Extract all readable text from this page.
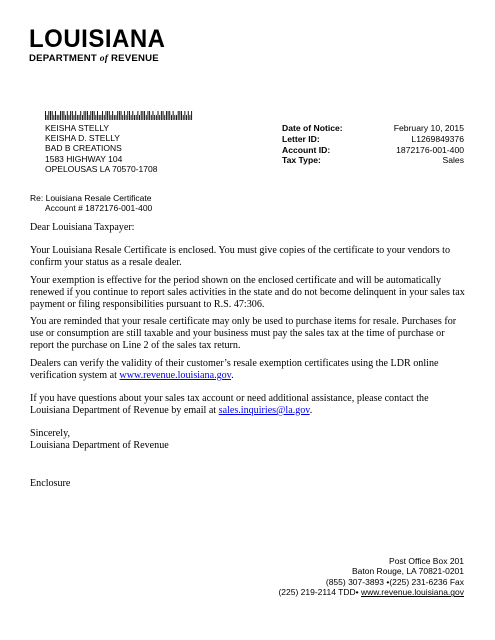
LOUISIANA
DEPARTMENT of REVENUE
KEISHA STELLY
KEISHA D. STELLY
BAD B CREATIONS
1583 HIGHWAY 104
OPELOUSAS LA 70570-1708
Date of Notice:
Letter ID:
Account ID:
Tax Type:
February 10, 2015
L1269849376
1872176-001-400
Sales
Re: Louisiana Resale Certificate
Account # 1872176-001-400

Dear Louisiana Taxpayer:

Your Louisiana Resale Certificate is enclosed. You must give copies of the certificate to your vendors to confirm your status as a resale dealer.

Your exemption is effective for the period shown on the enclosed certificate and will be automatically renewed if you continue to report sales activities in the state and do not become delinquent in your sales tax payment or filing responsibilities pursuant to R.S. 47:306.

You are reminded that your resale certificate may only be used to purchase items for resale. Purchases for use or consumption are still taxable and your business must pay the sales tax at the time of purchase or report the purchase on Line 2 of the sales tax return.

Dealers can verify the validity of their customer’s resale exemption certificates using the LDR online verification system at www.revenue.louisiana.gov.

If you have questions about your sales tax account or need additional assistance, please contact the Louisiana Department of Revenue by email at sales.inquiries@la.gov.

Sincerely,

Louisiana Department of Revenue

Enclosure

Post Office Box 201
Baton Rouge, LA 70821-0201
(855) 307-3893 •(225) 231-6236 Fax
(225) 219-2114 TDD• www.revenue.louisiana.gov
